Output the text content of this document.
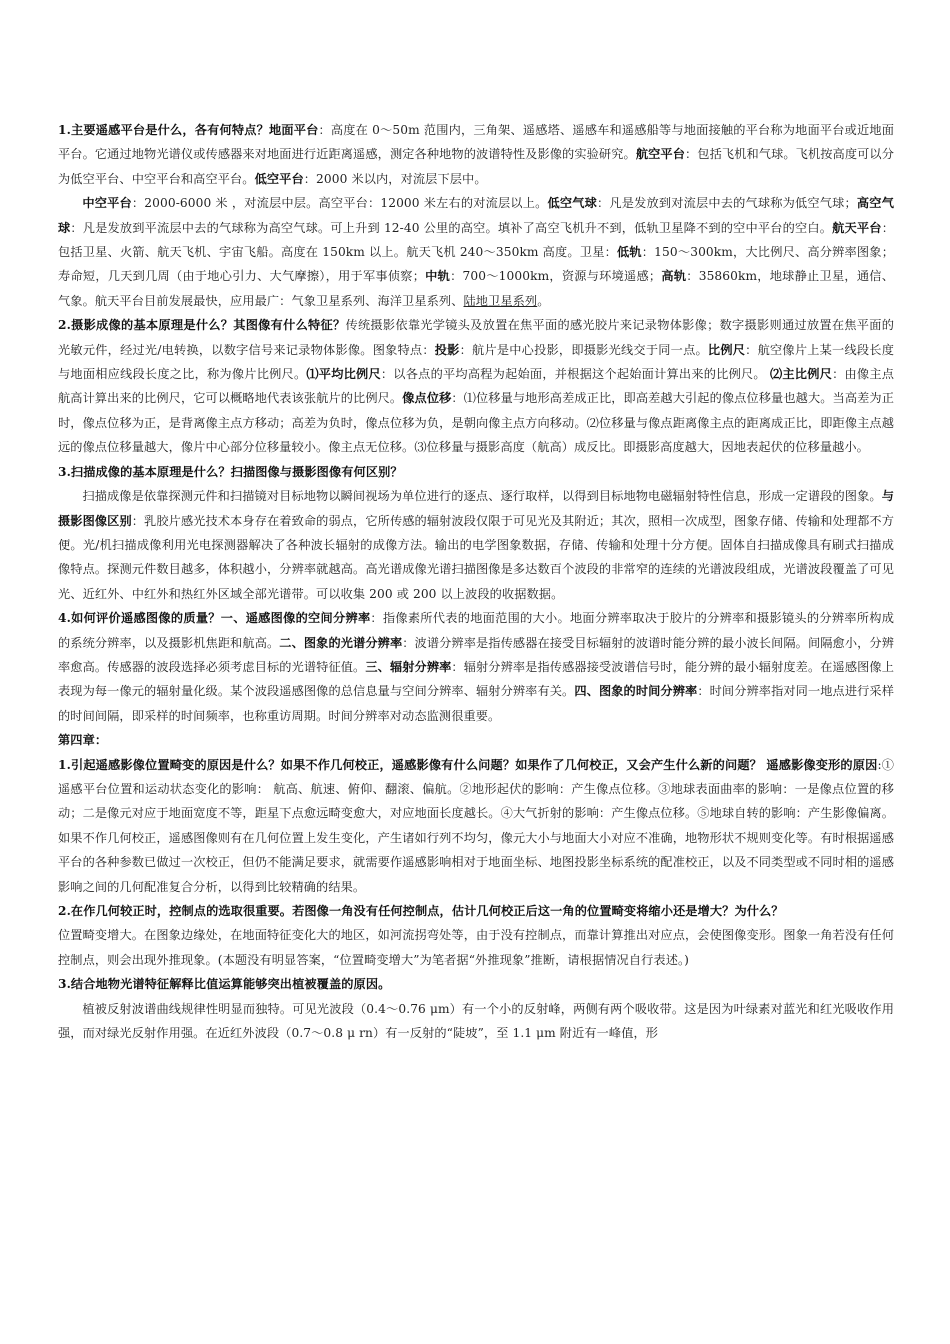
1.主要遥感平台是什么，各有何特点？地面平台：高度在 0～50m 范围内，三角架、遥感塔、遥感车和遥感船等与地面接触的平台称为地面平台或近地面平台。它通过地物光谱仪或传感器来对地面进行近距离遥感，测定各种地物的波谱特性及影像的实验研究。航空平台：包括飞机和气球。飞机按高度可以分为低空平台、中空平台和高空平台。低空平台：2000 米以内，对流层下层中。

中空平台：2000-6000 米 ，对流层中层。高空平台：12000 米左右的对流层以上。低空气球：凡是发放到对流层中去的气球称为低空气球；高空气球：凡是发放到平流层中去的气球称为高空气球。可上升到 12-40 公里的高空。填补了高空飞机升不到，低轨卫星降不到的空中平台的空白。航天平台：包括卫星、火箭、航天飞机、宇宙飞船。高度在 150km 以上。航天飞机 240～350km 高度。卫星：低轨：150～300km，大比例尺、高分辨率图象；寿命短，几天到几周（由于地心引力、大气摩擦），用于军事侦察；中轨：700～1000km，资源与环境遥感；高轨：35860km，地球静止卫星，通信、气象。航天平台目前发展最快，应用最广：气象卫星系列、海洋卫星系列、陆地卫星系列。

2.摄影成像的基本原理是什么？其图像有什么特征？传统摄影依靠光学镜头及放置在焦平面的感光胶片来记录物体影像；数字摄影则通过放置在焦平面的光敏元件，经过光/电转换，以数字信号来记录物体影像。图象特点：投影：航片是中心投影，即摄影光线交于同一点。比例尺：航空像片上某一线段长度与地面相应线段长度之比，称为像片比例尺。⑴平均比例尺：以各点的平均高程为起始面，并根据这个起始面计算出来的比例尺。 ⑵主比例尺：由像主点航高计算出来的比例尺，它可以概略地代表该张航片的比例尺。像点位移：⑴位移量与地形高差成正比，即高差越大引起的像点位移量也越大。当高差为正时，像点位移为正，是背离像主点方移动；高差为负时，像点位移为负，是朝向像主点方向移动。⑵位移量与像点距离像主点的距离成正比，即距像主点越远的像点位移量越大，像片中心部分位移量较小。像主点无位移。⑶位移量与摄影高度（航高）成反比。即摄影高度越大，因地表起伏的位移量越小。

3.扫描成像的基本原理是什么？扫描图像与摄影图像有何区别？

扫描成像是依靠探测元件和扫描镜对目标地物以瞬间视场为单位进行的逐点、逐行取样，以得到目标地物电磁辐射特性信息，形成一定谱段的图象。与摄影图像区别：乳胶片感光技术本身存在着致命的弱点，它所传感的辐射波段仅限于可见光及其附近；其次，照相一次成型，图象存储、传输和处理都不方便。光/机扫描成像利用光电探测器解决了各种波长辐射的成像方法。输出的电学图象数据，存储、传输和处理十分方便。固体自扫描成像具有刷式扫描成像特点。探测元件数目越多，体积越小，分辨率就越高。高光谱成像光谱扫描图像是多达数百个波段的非常窄的连续的光谱波段组成，光谱波段覆盖了可见光、近红外、中红外和热红外区域全部光谱带。可以收集 200 或 200 以上波段的收据数据。

4.如何评价遥感图像的质量？一、遥感图像的空间分辨率：指像素所代表的地面范围的大小。地面分辨率取决于胶片的分辨率和摄影镜头的分辨率所构成的系统分辨率，以及摄影机焦距和航高。二、图象的光谱分辨率：波谱分辨率是指传感器在接受目标辐射的波谱时能分辨的最小波长间隔。间隔愈小，分辨率愈高。传感器的波段选择必须考虑目标的光谱特征值。三、辐射分辨率：辐射分辨率是指传感器接受波谱信号时，能分辨的最小辐射度差。在遥感图像上表现为每一像元的辐射量化级。某个波段遥感图像的总信息量与空间分辨率、辐射分辨率有关。四、图象的时间分辨率：时间分辨率指对同一地点进行采样的时间间隔，即采样的时间频率，也称重访周期。时间分辨率对动态监测很重要。

第四章：

1.引起遥感影像位置畸变的原因是什么？如果不作几何校正，遥感影像有什么问题？如果作了几何校正，又会产生什么新的问题？ 遥感影像变形的原因:①遥感平台位置和运动状态变化的影响： 航高、航速、俯仰、翻滚、偏航。②地形起伏的影响：产生像点位移。③地球表面曲率的影响：一是像点位置的移动；二是像元对应于地面宽度不等，距星下点愈远畸变愈大，对应地面长度越长。④大气折射的影响：产生像点位移。⑤地球自转的影响：产生影像偏离。如果不作几何校正，遥感图像则有在几何位置上发生变化，产生诸如行列不均匀，像元大小与地面大小对应不准确，地物形状不规则变化等。有时根据遥感平台的各种参数已做过一次校正，但仍不能满足要求，就需要作遥感影响相对于地面坐标、地图投影坐标系统的配准校正，以及不同类型或不同时相的遥感影响之间的几何配准复合分析，以得到比较精确的结果。

2.在作几何较正时，控制点的选取很重要。若图像一角没有任何控制点，估计几何校正后这一角的位置畸变将缩小还是增大？为什么？

位置畸变增大。在图象边缘处，在地面特征变化大的地区，如河流拐弯处等，由于没有控制点，而靠计算推出对应点，会使图像变形。图象一角若没有任何控制点，则会出现外推现象。(本题没有明显答案，“位置畸变增大”为笔者据“外推现象”推断，请根据情况自行表述。)

3.结合地物光谱特征解释比值运算能够突出植被覆盖的原因。

植被反射波谱曲线规律性明显而独特。可见光波段（0.4～0.76 μm）有一个小的反射峰，两侧有两个吸收带。这是因为叶绿素对蓝光和红光吸收作用强，而对绿光反射作用强。在近红外波段（0.7～0.8 μ rn）有一反射的“陡坡”，至 1.1 μm 附近有一峰值，形
